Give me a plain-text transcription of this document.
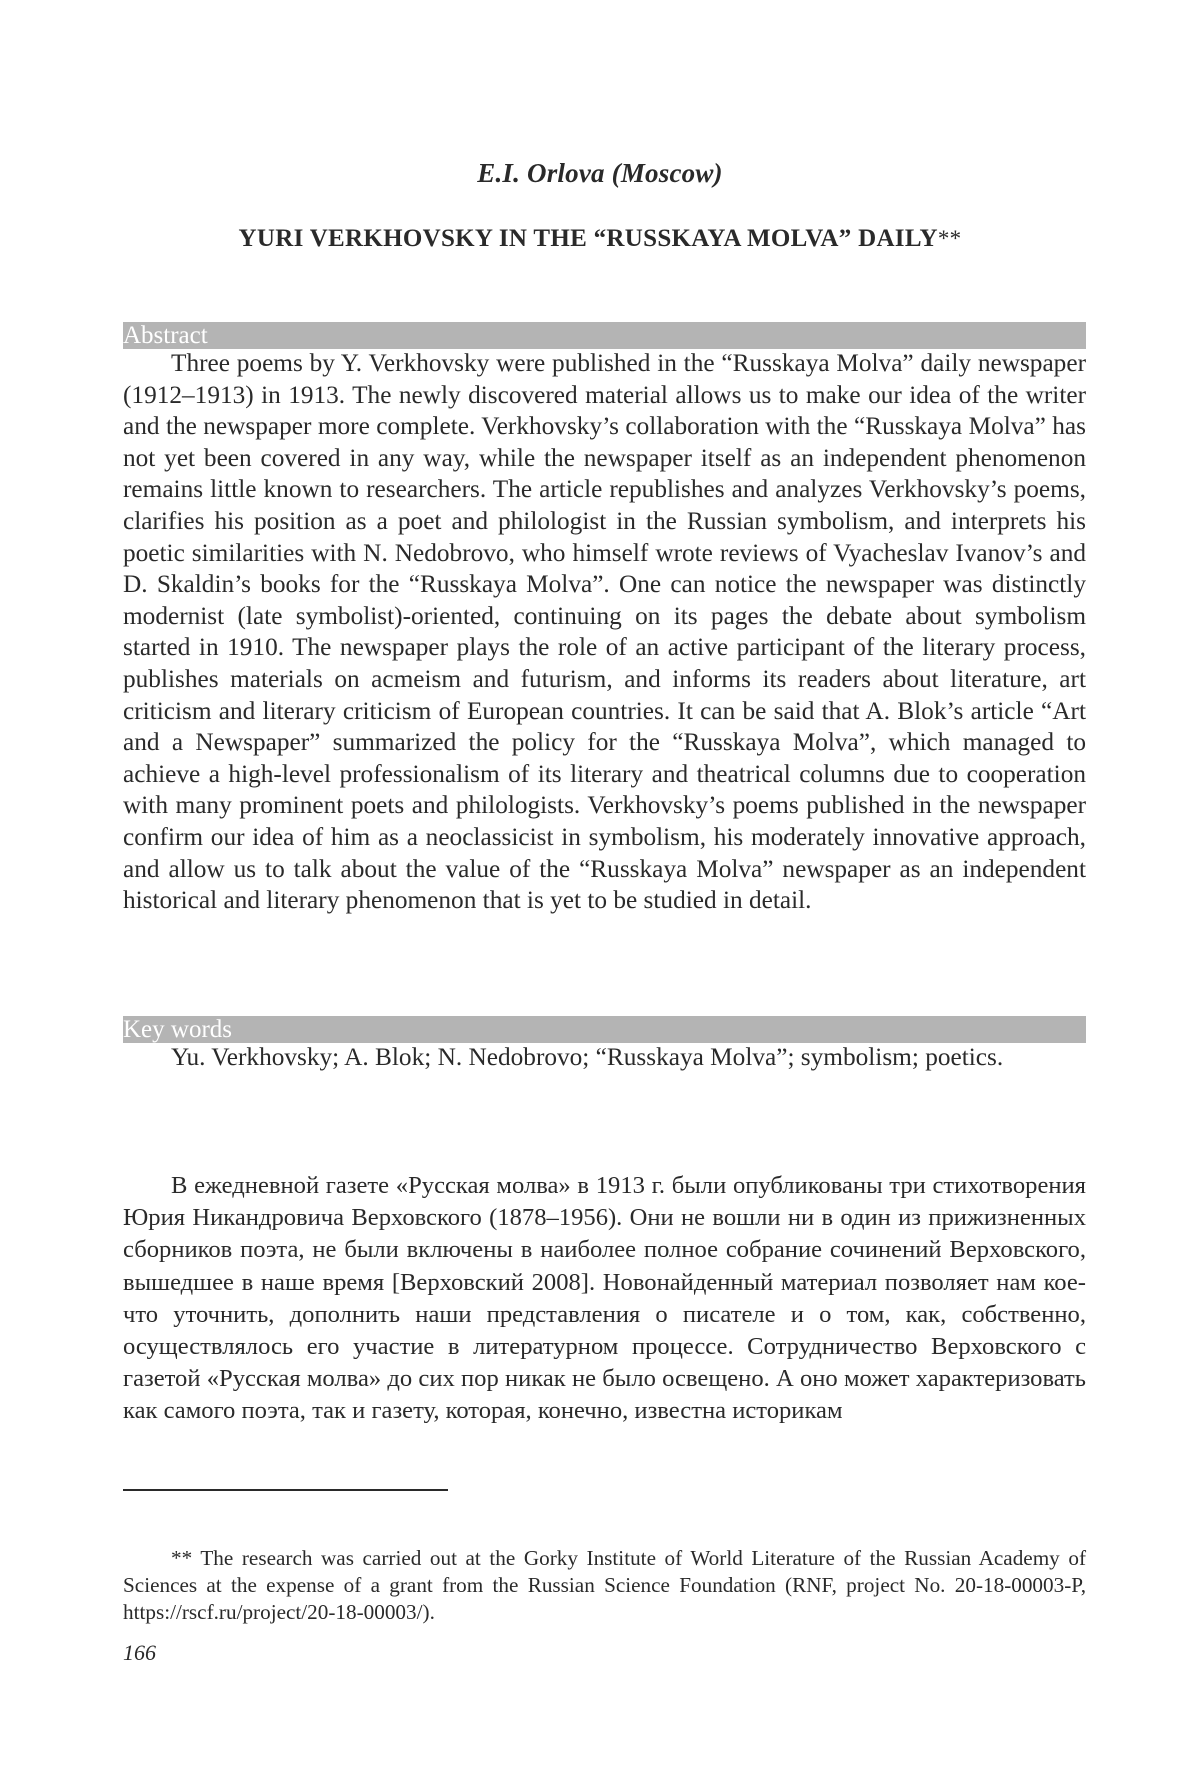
E.I. Orlova (Moscow)
YURI VERKHOVSKY IN THE “RUSSKAYA MOLVA” DAILY**
Abstract
Three poems by Y. Verkhovsky were published in the “Russkaya Molva” daily newspaper (1912–1913) in 1913. The newly discovered material allows us to make our idea of the writer and the newspaper more complete. Verkhovsky’s collaboration with the “Russkaya Molva” has not yet been covered in any way, while the newspaper itself as an independent phenomenon remains little known to researchers. The article republishes and analyzes Verkhovsky’s poems, clarifies his position as a poet and philologist in the Russian symbolism, and interprets his poetic similarities with N. Nedobrovo, who himself wrote reviews of Vyacheslav Ivanov’s and D. Skaldin’s books for the “Russkaya Molva”. One can notice the newspaper was distinctly modernist (late symbolist)-oriented, continuing on its pages the debate about symbolism started in 1910. The newspaper plays the role of an active participant of the literary process, publishes materials on acmeism and futurism, and informs its readers about literature, art criticism and literary criticism of European countries. It can be said that A. Blok’s article “Art and a Newspaper” summarized the policy for the “Russkaya Molva”, which managed to achieve a high-level professionalism of its literary and theatrical columns due to cooperation with many prominent poets and philologists. Verkhovsky’s poems published in the newspaper confirm our idea of him as a neoclassicist in symbolism, his moderately innovative approach, and allow us to talk about the value of the “Russkaya Molva” newspaper as an independent historical and literary phenomenon that is yet to be studied in detail.
Key words
Yu. Verkhovsky; A. Blok; N. Nedobrovo; “Russkaya Molva”; symbolism; poetics.
В ежедневной газете «Русская молва» в 1913 г. были опубликованы три стихотворения Юрия Никандровича Верховского (1878–1956). Они не вошли ни в один из прижизненных сборников поэта, не были включены в наиболее полное собрание сочинений Верховского, вышедшее в наше время [Верховский 2008]. Новонайденный материал позволяет нам кое-что уточнить, дополнить наши представления о писателе и о том, как, собственно, осуществлялось его участие в литературном процессе. Сотрудничество Верховского с газетой «Русская молва» до сих пор никак не было освещено. А оно может характеризовать как самого поэта, так и газету, которая, конечно, известна историкам
** The research was carried out at the Gorky Institute of World Literature of the Russian Academy of Sciences at the expense of a grant from the Russian Science Foundation (RNF, project No. 20-18-00003-P, https://rscf.ru/project/20-18-00003/).
166
